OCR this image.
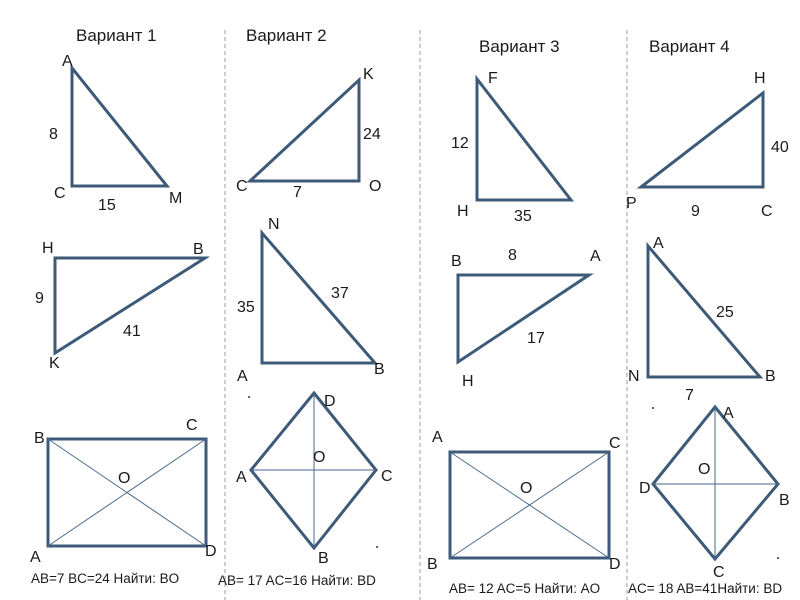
Вариант 1	Вариант 2
Вариант 3	Вариант 4
A
C	M
8
15
H	B
K
9
41
B
C
A	D
O
AB=7 BC=24 Найти: BO
K
C	O
24
7
N
A	B
35
37
D
A	C
B
O
AB= 17 AC=16 Найти: BD
F
H
12
35
B	A
H
8
17
A	C
B	D
O
AB= 12 AC=5 Найти: AO
H
P	C
40
9
A
N	B
25
7
A
D
B
C
O
AC= 18 AB=41Найти: BD
